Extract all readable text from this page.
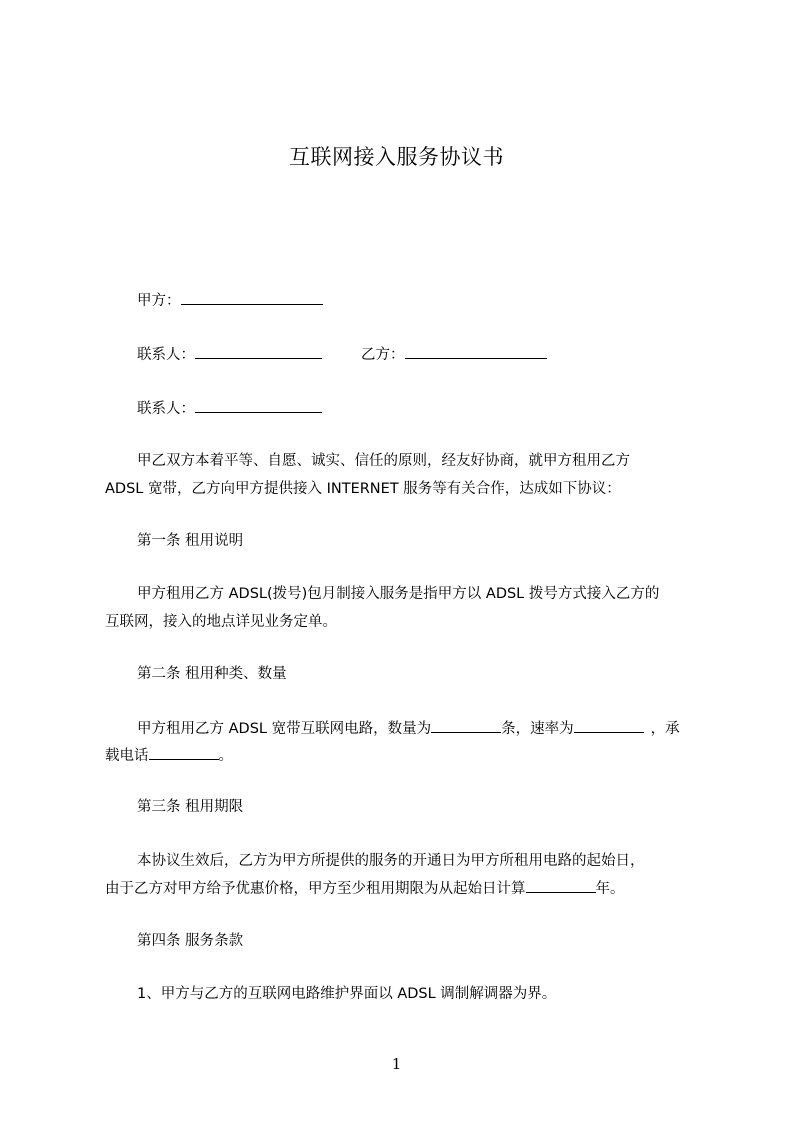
互联网接入服务协议书
甲方：
联系人：	乙方：
联系人：
甲乙双方本着平等、自愿、诚实、信任的原则，经友好协商，就甲方租用乙方
ADSL 宽带，乙方向甲方提供接入 INTERNET 服务等有关合作，达成如下协议：
第一条 租用说明
甲方租用乙方 ADSL(拨号)包月制接入服务是指甲方以 ADSL 拨号方式接入乙方的
互联网，接入的地点详见业务定单。
第二条 租用种类、数量
甲方租用乙方 ADSL 宽带互联网电路，数量为	条，速率为	，承
载电话	。
第三条 租用期限
本协议生效后，乙方为甲方所提供的服务的开通日为甲方所租用电路的起始日，
由于乙方对甲方给予优惠价格，甲方至少租用期限为从起始日计算	年。
第四条 服务条款
1、甲方与乙方的互联网电路维护界面以 ADSL 调制解调器为界。
1
